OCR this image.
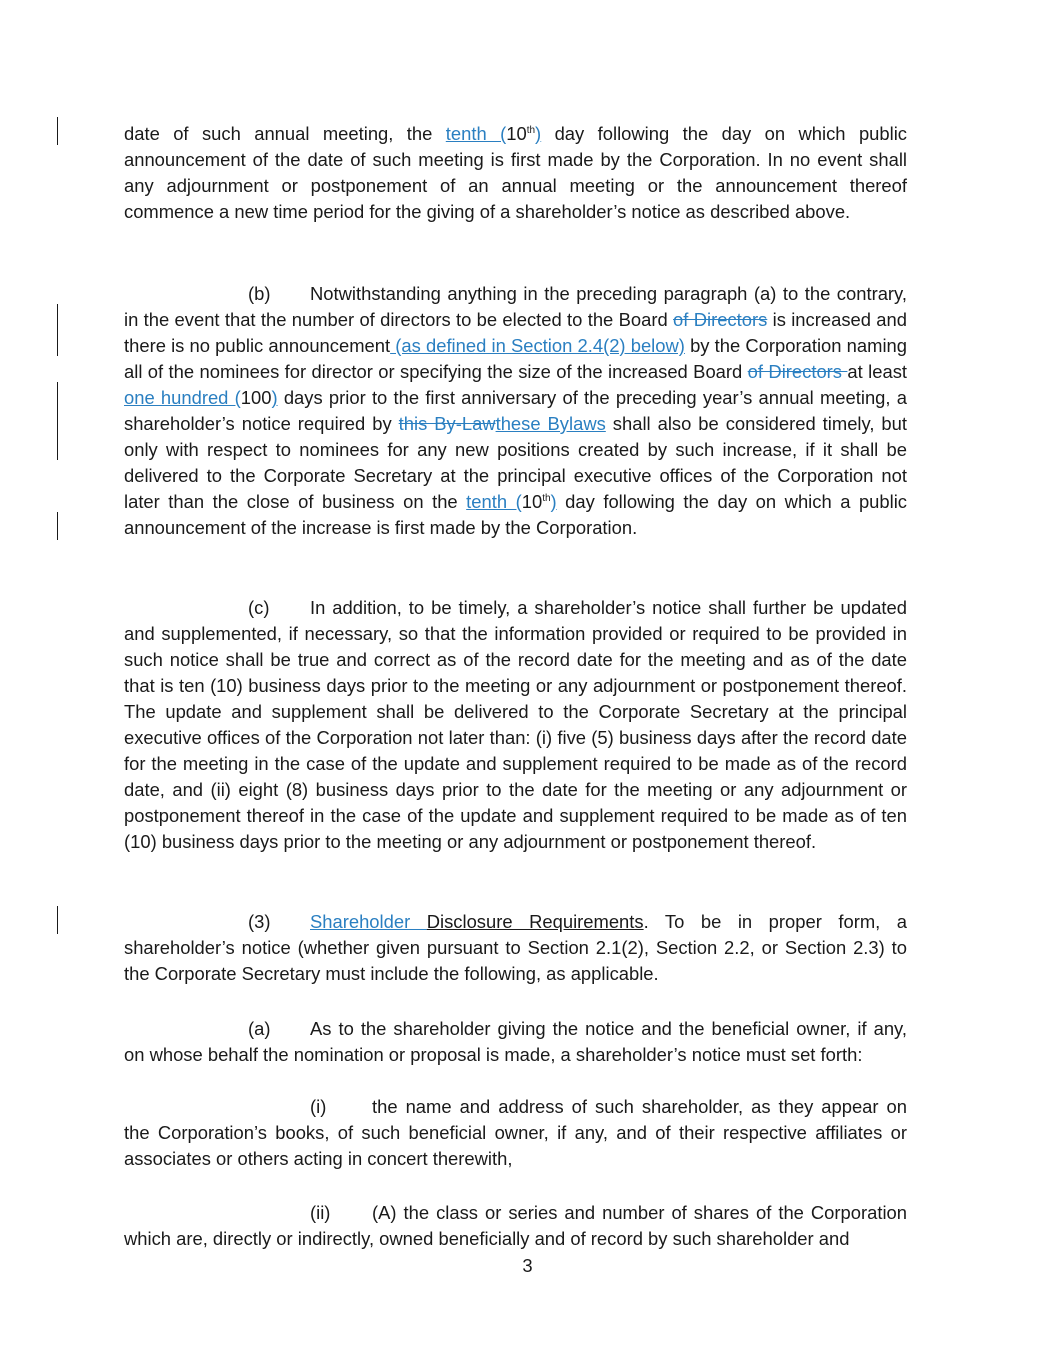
date of such annual meeting, the tenth (10th) day following the day on which public announcement of the date of such meeting is first made by the Corporation. In no event shall any adjournment or postponement of an annual meeting or the announcement thereof commence a new time period for the giving of a shareholder’s notice as described above.

(b) Notwithstanding anything in the preceding paragraph (a) to the contrary, in the event that the number of directors to be elected to the Board of Directors is increased and there is no public announcement (as defined in Section 2.4(2) below) by the Corporation naming all of the nominees for director or specifying the size of the increased Board of Directors at least one hundred (100) days prior to the first anniversary of the preceding year’s annual meeting, a shareholder’s notice required by this By-Lawthese Bylaws shall also be considered timely, but only with respect to nominees for any new positions created by such increase, if it shall be delivered to the Corporate Secretary at the principal executive offices of the Corporation not later than the close of business on the tenth (10th) day following the day on which a public announcement of the increase is first made by the Corporation.

(c) In addition, to be timely, a shareholder’s notice shall further be updated and supplemented, if necessary, so that the information provided or required to be provided in such notice shall be true and correct as of the record date for the meeting and as of the date that is ten (10) business days prior to the meeting or any adjournment or postponement thereof. The update and supplement shall be delivered to the Corporate Secretary at the principal executive offices of the Corporation not later than: (i) five (5) business days after the record date for the meeting in the case of the update and supplement required to be made as of the record date, and (ii) eight (8) business days prior to the date for the meeting or any adjournment or postponement thereof in the case of the update and supplement required to be made as of ten (10) business days prior to the meeting or any adjournment or postponement thereof.

(3) Shareholder Disclosure Requirements. To be in proper form, a shareholder’s notice (whether given pursuant to Section 2.1(2), Section 2.2, or Section 2.3) to the Corporate Secretary must include the following, as applicable.

(a) As to the shareholder giving the notice and the beneficial owner, if any, on whose behalf the nomination or proposal is made, a shareholder’s notice must set forth:

(i) the name and address of such shareholder, as they appear on the Corporation’s books, of such beneficial owner, if any, and of their respective affiliates or associates or others acting in concert therewith,

(ii) (A) the class or series and number of shares of the Corporation which are, directly or indirectly, owned beneficially and of record by such shareholder and

3
